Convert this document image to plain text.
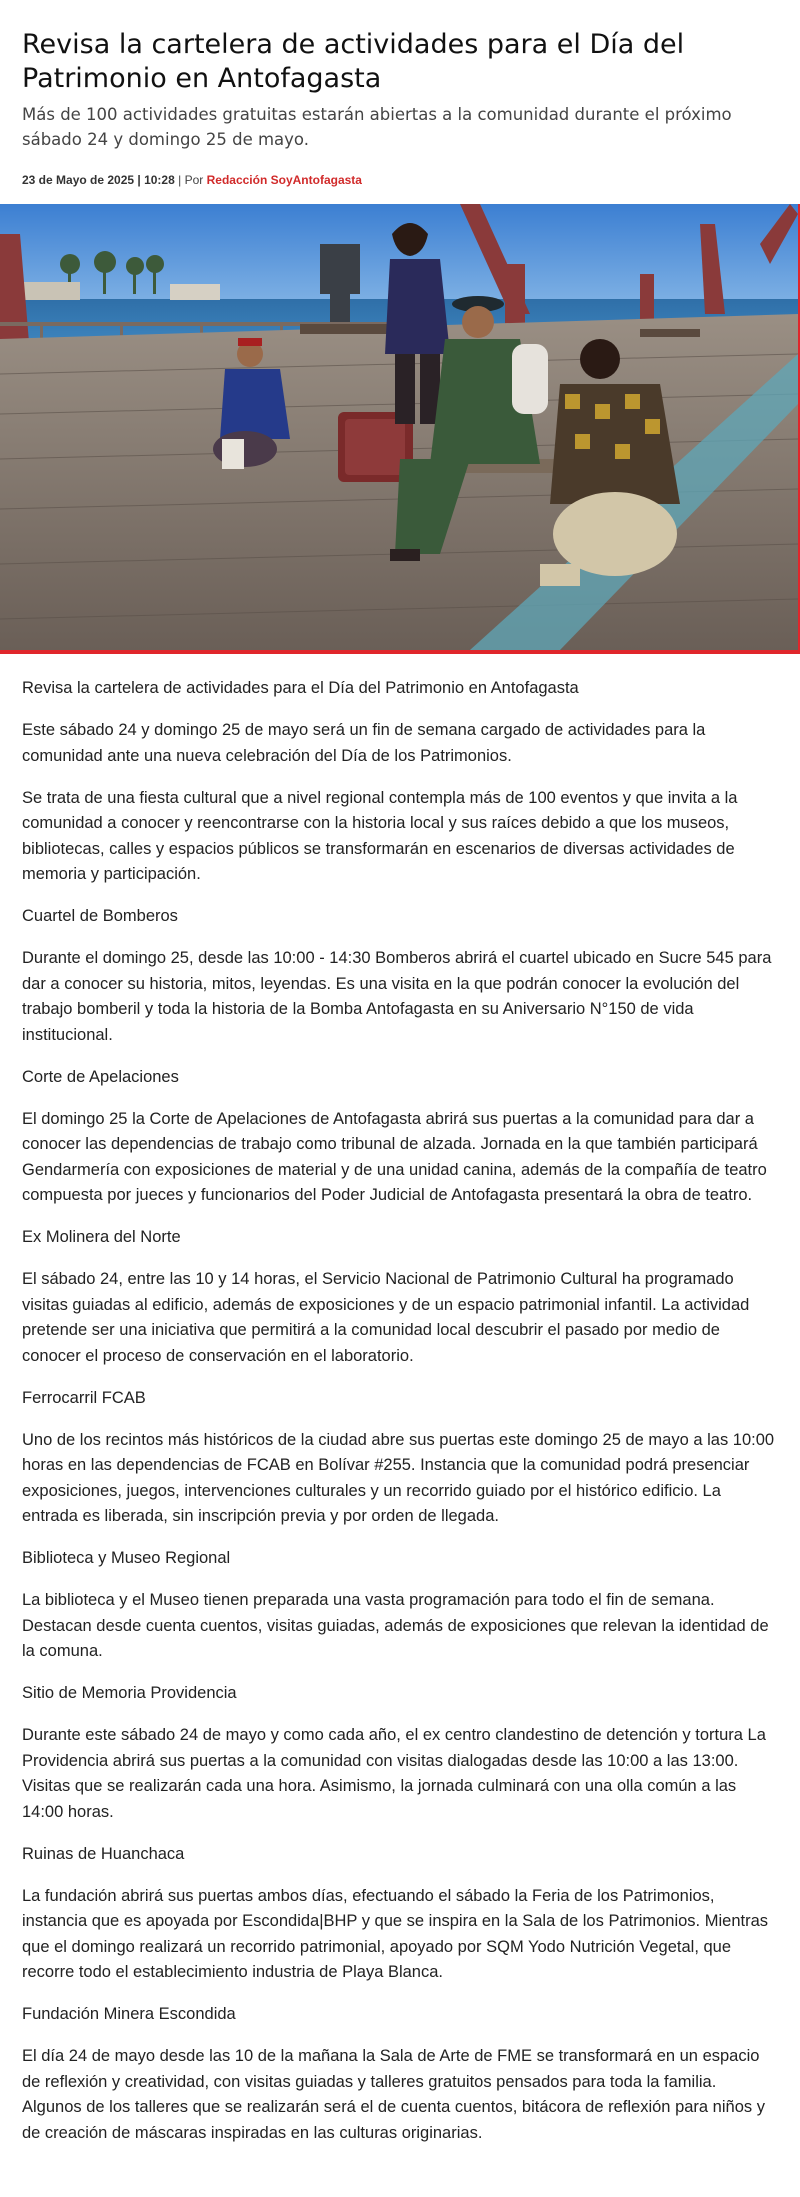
Revisa la cartelera de actividades para el Día del Patrimonio en Antofagasta

Más de 100 actividades gratuitas estarán abiertas a la comunidad durante el próximo sábado 24 y domingo 25 de mayo.

23 de Mayo de 2025 | 10:28 | Por Redacción SoyAntofagasta

Revisa la cartelera de actividades para el Día del Patrimonio en Antofagasta

Este sábado 24 y domingo 25 de mayo será un fin de semana cargado de actividades para la comunidad ante una nueva celebración del Día de los Patrimonios.

Se trata de una fiesta cultural que a nivel regional contempla más de 100 eventos y que invita a la comunidad a conocer y reencontrarse con la historia local y sus raíces debido a que los museos, bibliotecas, calles y espacios públicos se transformarán en escenarios de diversas actividades de memoria y participación.

Cuartel de Bomberos

Durante el domingo 25, desde las 10:00 - 14:30 Bomberos abrirá el cuartel ubicado en Sucre 545 para dar a conocer su historia, mitos, leyendas. Es una visita en la que podrán conocer la evolución del trabajo bomberil y toda la historia de la Bomba Antofagasta en su Aniversario N°150 de vida institucional.

Corte de Apelaciones

El domingo 25 la Corte de Apelaciones de Antofagasta abrirá sus puertas a la comunidad para dar a conocer las dependencias de trabajo como tribunal de alzada. Jornada en la que también participará Gendarmería con exposiciones de material y de una unidad canina, además de la compañía de teatro compuesta por jueces y funcionarios del Poder Judicial de Antofagasta presentará la obra de teatro.

Ex Molinera del Norte

El sábado 24, entre las 10 y 14 horas, el Servicio Nacional de Patrimonio Cultural ha programado visitas guiadas al edificio, además de exposiciones y de un espacio patrimonial infantil. La actividad pretende ser una iniciativa que permitirá a la comunidad local descubrir el pasado por medio de conocer el proceso de conservación en el laboratorio.

Ferrocarril FCAB

Uno de los recintos más históricos de la ciudad abre sus puertas este domingo 25 de mayo a las 10:00 horas en las dependencias de FCAB en Bolívar #255. Instancia que la comunidad podrá presenciar exposiciones, juegos, intervenciones culturales y un recorrido guiado por el histórico edificio. La entrada es liberada, sin inscripción previa y por orden de llegada.

Biblioteca y Museo Regional

La biblioteca y el Museo tienen preparada una vasta programación para todo el fin de semana. Destacan desde cuenta cuentos, visitas guiadas, además de exposiciones que relevan la identidad de la comuna.

Sitio de Memoria Providencia

Durante este sábado 24 de mayo y como cada año, el ex centro clandestino de detención y tortura La Providencia abrirá sus puertas a la comunidad con visitas dialogadas desde las 10:00 a las 13:00. Visitas que se realizarán cada una hora. Asimismo, la jornada culminará con una olla común a las 14:00 horas.

Ruinas de Huanchaca

La fundación abrirá sus puertas ambos días, efectuando el sábado la Feria de los Patrimonios, instancia que es apoyada por Escondida|BHP y que se inspira en la Sala de los Patrimonios. Mientras que el domingo realizará un recorrido patrimonial, apoyado por SQM Yodo Nutrición Vegetal, que recorre todo el establecimiento industria de Playa Blanca.

Fundación Minera Escondida

El día 24 de mayo desde las 10 de la mañana la Sala de Arte de FME se transformará en un espacio de reflexión y creatividad, con visitas guiadas y talleres gratuitos pensados para toda la familia. Algunos de los talleres que se realizarán será el de cuenta cuentos, bitácora de reflexión para niños y de creación de máscaras inspiradas en las culturas originarias.
